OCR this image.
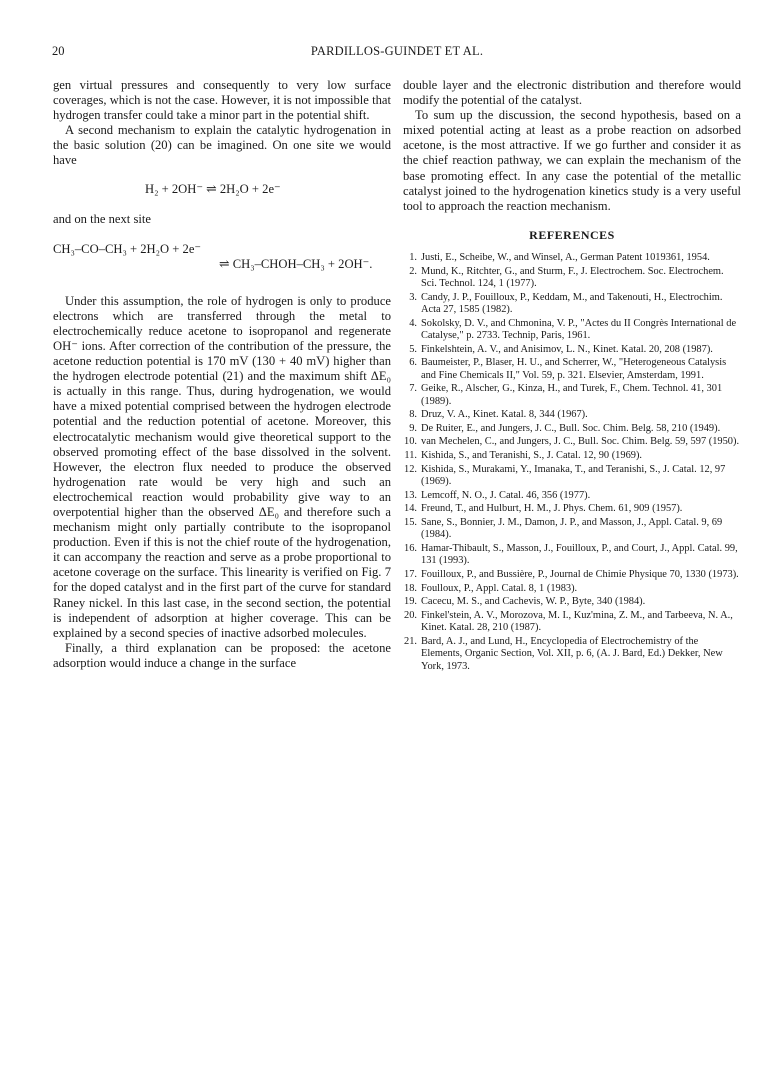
20	PARDILLOS-GUINDET ET AL.

gen virtual pressures and consequently to very low surface coverages, which is not the case. However, it is not impossible that hydrogen transfer could take a minor part in the potential shift.

A second mechanism to explain the catalytic hydrogenation in the basic solution (20) can be imagined. On one site we would have

H₂ + 2OH⁻ ⇌ 2H₂O + 2e⁻

and on the next site

CH₃–CO–CH₃ + 2H₂O + 2e⁻
⇌ CH₃–CHOH–CH₃ + 2OH⁻.

Under this assumption, the role of hydrogen is only to produce electrons which are transferred through the metal to electrochemically reduce acetone to isopropanol and regenerate OH⁻ ions. After correction of the contribution of the pressure, the acetone reduction potential is 170 mV (130 + 40 mV) higher than the hydrogen electrode potential (21) and the maximum shift ΔE₀ is actually in this range. Thus, during hydrogenation, we would have a mixed potential comprised between the hydrogen electrode potential and the reduction potential of acetone. Moreover, this electrocatalytic mechanism would give theoretical support to the observed promoting effect of the base dissolved in the solvent. However, the electron flux needed to produce the observed hydrogenation rate would be very high and such an electrochemical reaction would probability give way to an overpotential higher than the observed ΔE₀ and therefore such a mechanism might only partially contribute to the isopropanol production. Even if this is not the chief route of the hydrogenation, it can accompany the reaction and serve as a probe proportional to acetone coverage on the surface. This linearity is verified on Fig. 7 for the doped catalyst and in the first part of the curve for standard Raney nickel. In this last case, in the second section, the potential is independent of adsorption at higher coverage. This can be explained by a second species of inactive adsorbed molecules.

Finally, a third explanation can be proposed: the acetone adsorption would induce a change in the surface

double layer and the electronic distribution and therefore would modify the potential of the catalyst.

To sum up the discussion, the second hypothesis, based on a mixed potential acting at least as a probe reaction on adsorbed acetone, is the most attractive. If we go further and consider it as the chief reaction pathway, we can explain the mechanism of the base promoting effect. In any case the potential of the metallic catalyst joined to the hydrogenation kinetics study is a very useful tool to approach the reaction mechanism.

REFERENCES
1. Justi, E., Scheibe, W., and Winsel, A., German Patent 1019361, 1954.
2. Mund, K., Ritchter, G., and Sturm, F., J. Electrochem. Soc. Electrochem. Sci. Technol. 124, 1 (1977).
3. Candy, J. P., Fouilloux, P., Keddam, M., and Takenouti, H., Electrochim. Acta 27, 1585 (1982).
4. Sokolsky, D. V., and Chmonina, V. P., "Actes du II Congrès International de Catalyse," p. 2733. Technip, Paris, 1961.
5. Finkelshtein, A. V., and Anisimov, L. N., Kinet. Katal. 20, 208 (1987).
6. Baumeister, P., Blaser, H. U., and Scherrer, W., "Heterogeneous Catalysis and Fine Chemicals II," Vol. 59, p. 321. Elsevier, Amsterdam, 1991.
7. Geike, R., Alscher, G., Kinza, H., and Turek, F., Chem. Technol. 41, 301 (1989).
8. Druz, V. A., Kinet. Katal. 8, 344 (1967).
9. De Ruiter, E., and Jungers, J. C., Bull. Soc. Chim. Belg. 58, 210 (1949).
10. van Mechelen, C., and Jungers, J. C., Bull. Soc. Chim. Belg. 59, 597 (1950).
11. Kishida, S., and Teranishi, S., J. Catal. 12, 90 (1969).
12. Kishida, S., Murakami, Y., Imanaka, T., and Teranishi, S., J. Catal. 12, 97 (1969).
13. Lemcoff, N. O., J. Catal. 46, 356 (1977).
14. Freund, T., and Hulburt, H. M., J. Phys. Chem. 61, 909 (1957).
15. Sane, S., Bonnier, J. M., Damon, J. P., and Masson, J., Appl. Catal. 9, 69 (1984).
16. Hamar-Thibault, S., Masson, J., Fouilloux, P., and Court, J., Appl. Catal. 99, 131 (1993).
17. Fouilloux, P., and Bussière, P., Journal de Chimie Physique 70, 1330 (1973).
18. Foulloux, P., Appl. Catal. 8, 1 (1983).
19. Cacecu, M. S., and Cachevis, W. P., Byte, 340 (1984).
20. Finkel'stein, A. V., Morozova, M. I., Kuz'mina, Z. M., and Tarbeeva, N. A., Kinet. Katal. 28, 210 (1987).
21. Bard, A. J., and Lund, H., Encyclopedia of Electrochemistry of the Elements, Organic Section, Vol. XII, p. 6, (A. J. Bard, Ed.) Dekker, New York, 1973.
